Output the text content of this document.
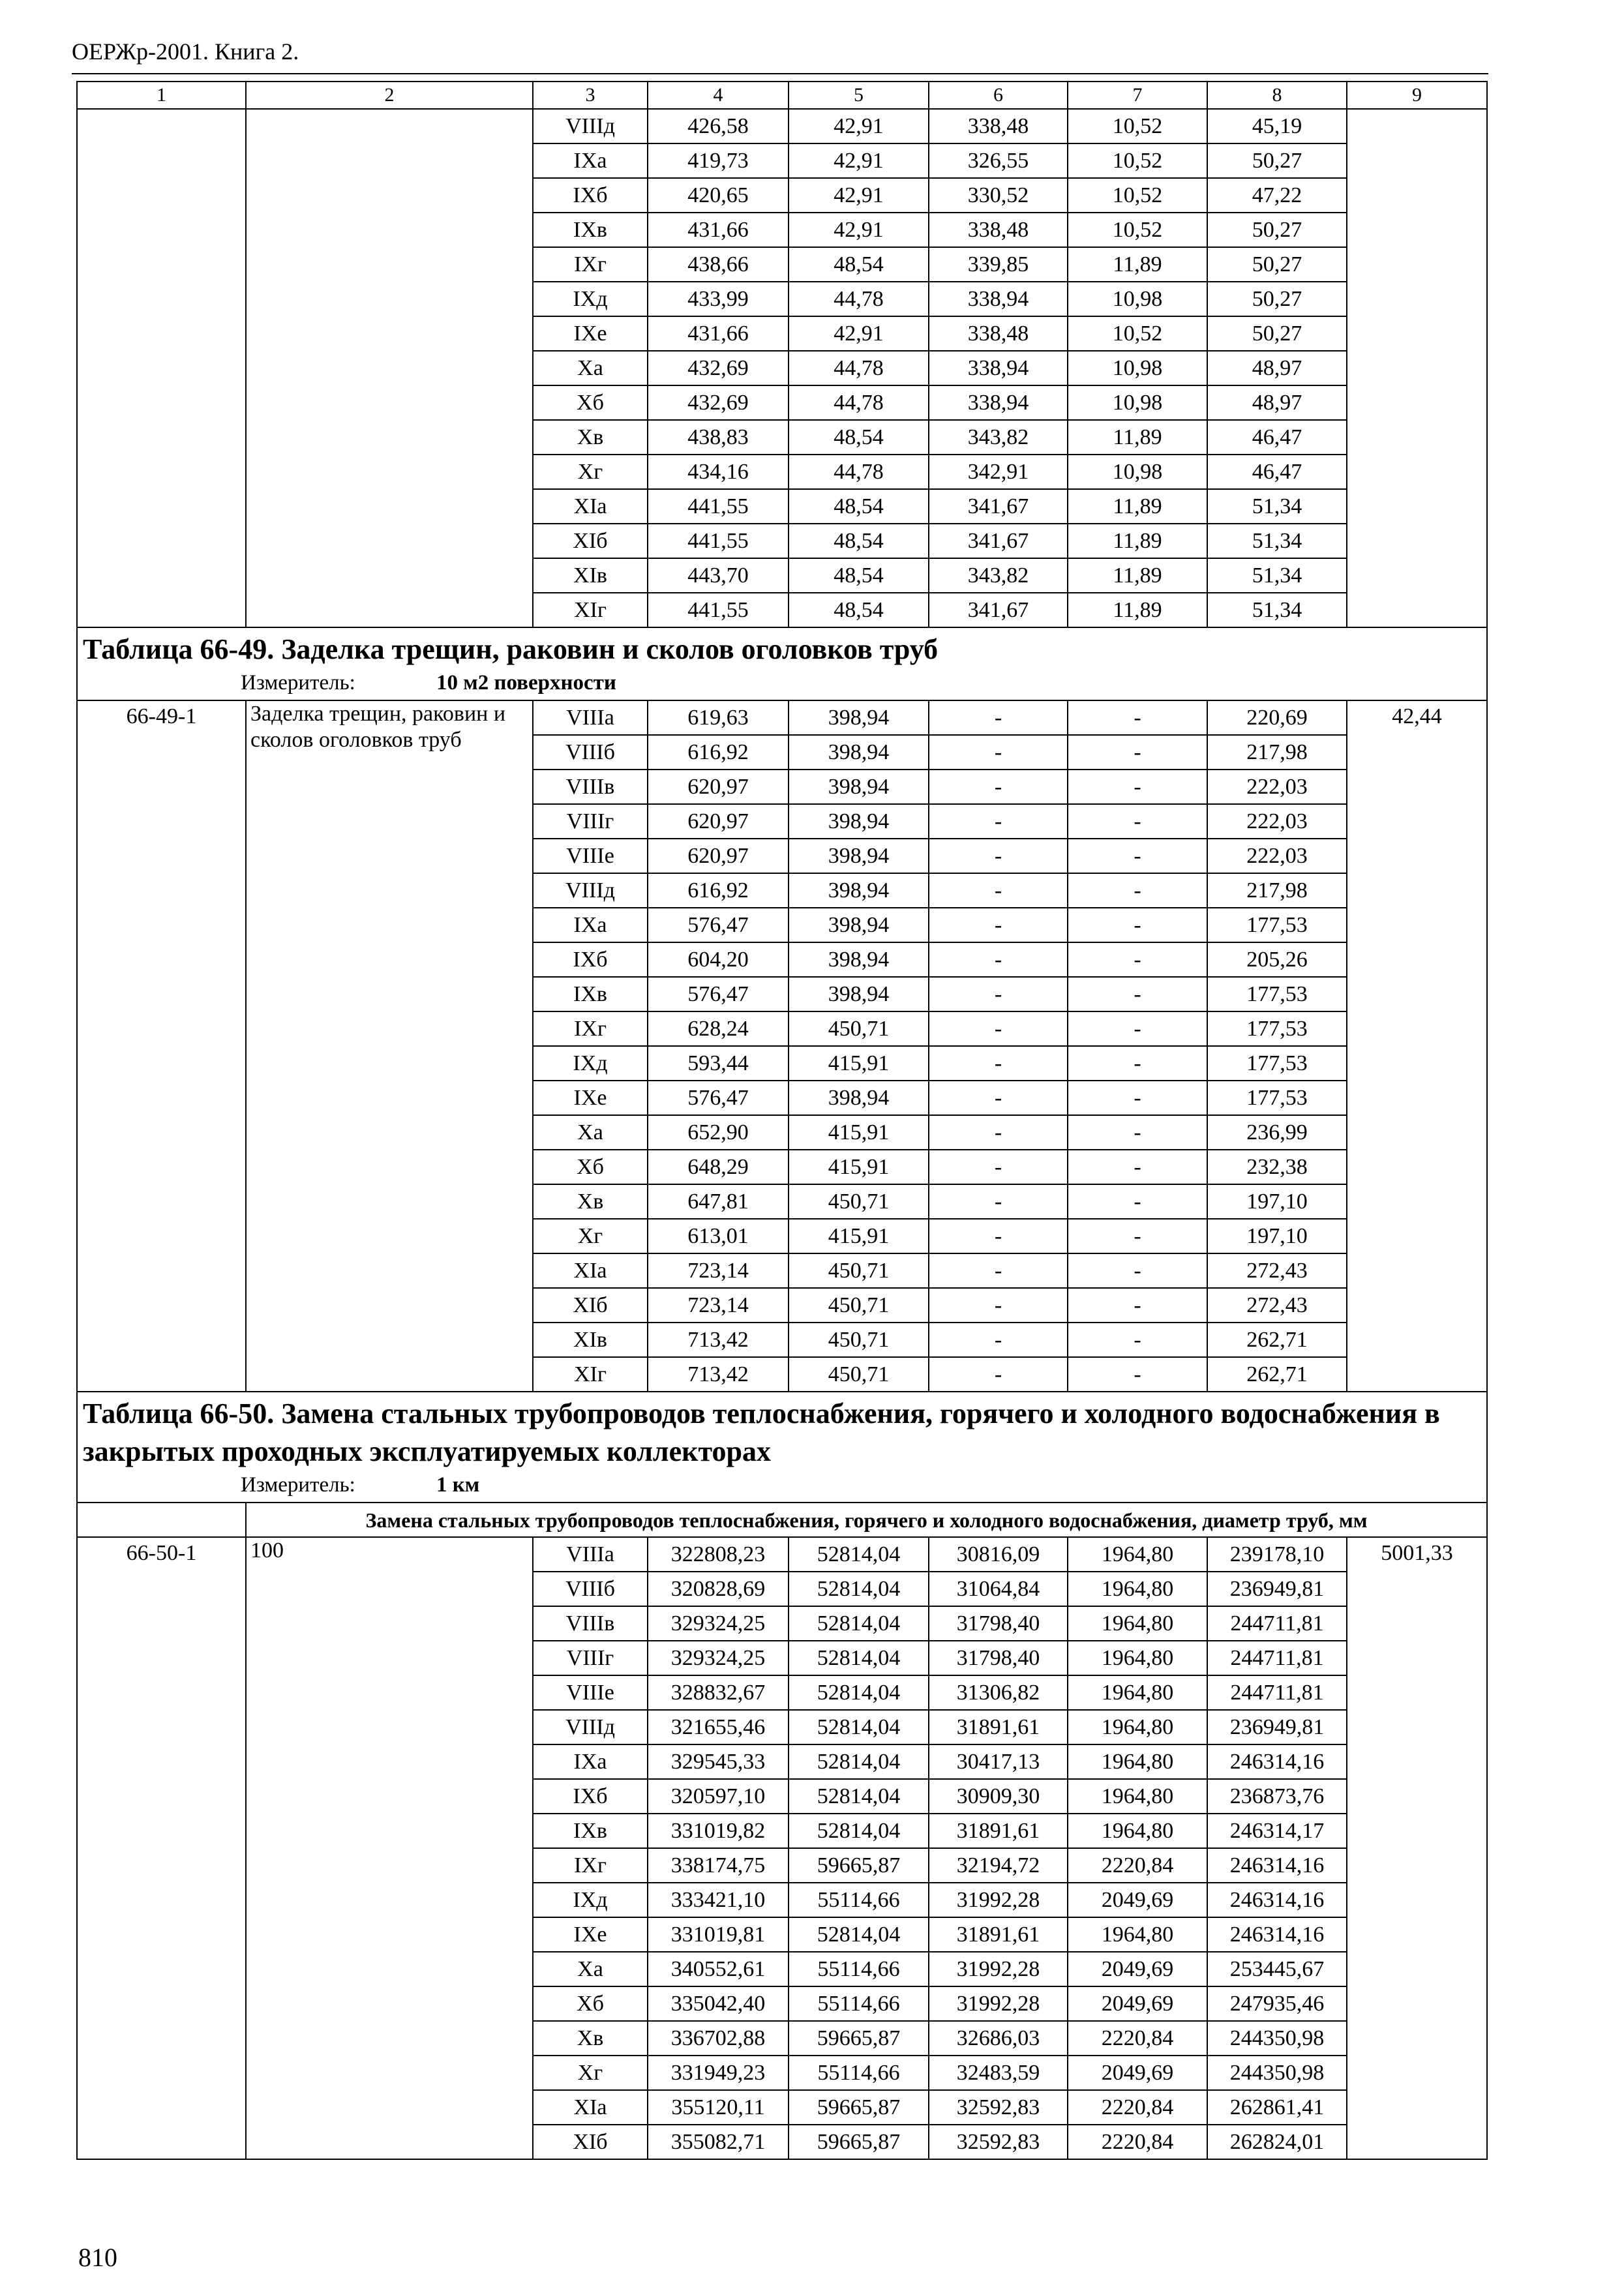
ОЕРЖр-2001. Книга 2.
1	2	3	4	5	6	7	8	9
		VIIIд	426,58	42,91	338,48	10,52	45,19	
		IXа	419,73	42,91	326,55	10,52	50,27	
		IXб	420,65	42,91	330,52	10,52	47,22	
		IXв	431,66	42,91	338,48	10,52	50,27	
		IXг	438,66	48,54	339,85	11,89	50,27	
		IXд	433,99	44,78	338,94	10,98	50,27	
		IXе	431,66	42,91	338,48	10,52	50,27	
		Xа	432,69	44,78	338,94	10,98	48,97	
		Xб	432,69	44,78	338,94	10,98	48,97	
		Xв	438,83	48,54	343,82	11,89	46,47	
		Xг	434,16	44,78	342,91	10,98	46,47	
		XIа	441,55	48,54	341,67	11,89	51,34	
		XIб	441,55	48,54	341,67	11,89	51,34	
		XIв	443,70	48,54	343,82	11,89	51,34	
		XIг	441,55	48,54	341,67	11,89	51,34	

Таблица 66-49. Заделка трещин, раковин и сколов оголовков труб
Измеритель: 10 м2 поверхности								

66-49-1	Заделка трещин, раковин и сколов оголовков труб	VIIIа	619,63	398,94	-	-	220,69	42,44
		VIIIб	616,92	398,94	-	-	217,98	
		VIIIв	620,97	398,94	-	-	222,03	
		VIIIг	620,97	398,94	-	-	222,03	
		VIIIе	620,97	398,94	-	-	222,03	
		VIIIд	616,92	398,94	-	-	217,98	
		IXа	576,47	398,94	-	-	177,53	
		IXб	604,20	398,94	-	-	205,26	
		IXв	576,47	398,94	-	-	177,53	
		IXг	628,24	450,71	-	-	177,53	
		IXд	593,44	415,91	-	-	177,53	
		IXе	576,47	398,94	-	-	177,53	
		Xа	652,90	415,91	-	-	236,99	
		Xб	648,29	415,91	-	-	232,38	
		Xв	647,81	450,71	-	-	197,10	
		Xг	613,01	415,91	-	-	197,10	
		XIа	723,14	450,71	-	-	272,43	
		XIб	723,14	450,71	-	-	272,43	
		XIв	713,42	450,71	-	-	262,71	
		XIг	713,42	450,71	-	-	262,71	

Таблица 66-50. Замена стальных трубопроводов теплоснабжения, горячего и холодного водоснабжения в закрытых проходных эксплуатируемых коллекторах
Измеритель: 1 км								

	Замена стальных трубопроводов теплоснабжения, горячего и холодного водоснабжения, диаметр труб, мм							
66-50-1	100	VIIIа	322808,23	52814,04	30816,09	1964,80	239178,10	5001,33
		VIIIб	320828,69	52814,04	31064,84	1964,80	236949,81	
		VIIIв	329324,25	52814,04	31798,40	1964,80	244711,81	
		VIIIг	329324,25	52814,04	31798,40	1964,80	244711,81	
		VIIIе	328832,67	52814,04	31306,82	1964,80	244711,81	
		VIIIд	321655,46	52814,04	31891,61	1964,80	236949,81	
		IXа	329545,33	52814,04	30417,13	1964,80	246314,16	
		IXб	320597,10	52814,04	30909,30	1964,80	236873,76	
		IXв	331019,82	52814,04	31891,61	1964,80	246314,17	
		IXг	338174,75	59665,87	32194,72	2220,84	246314,16	
		IXд	333421,10	55114,66	31992,28	2049,69	246314,16	
		IXе	331019,81	52814,04	31891,61	1964,80	246314,16	
		Xа	340552,61	55114,66	31992,28	2049,69	253445,67	
		Xб	335042,40	55114,66	31992,28	2049,69	247935,46	
		Xв	336702,88	59665,87	32686,03	2220,84	244350,98	
		Xг	331949,23	55114,66	32483,59	2049,69	244350,98	
		XIа	355120,11	59665,87	32592,83	2220,84	262861,41	
		XIб	355082,71	59665,87	32592,83	2220,84	262824,01	
810
